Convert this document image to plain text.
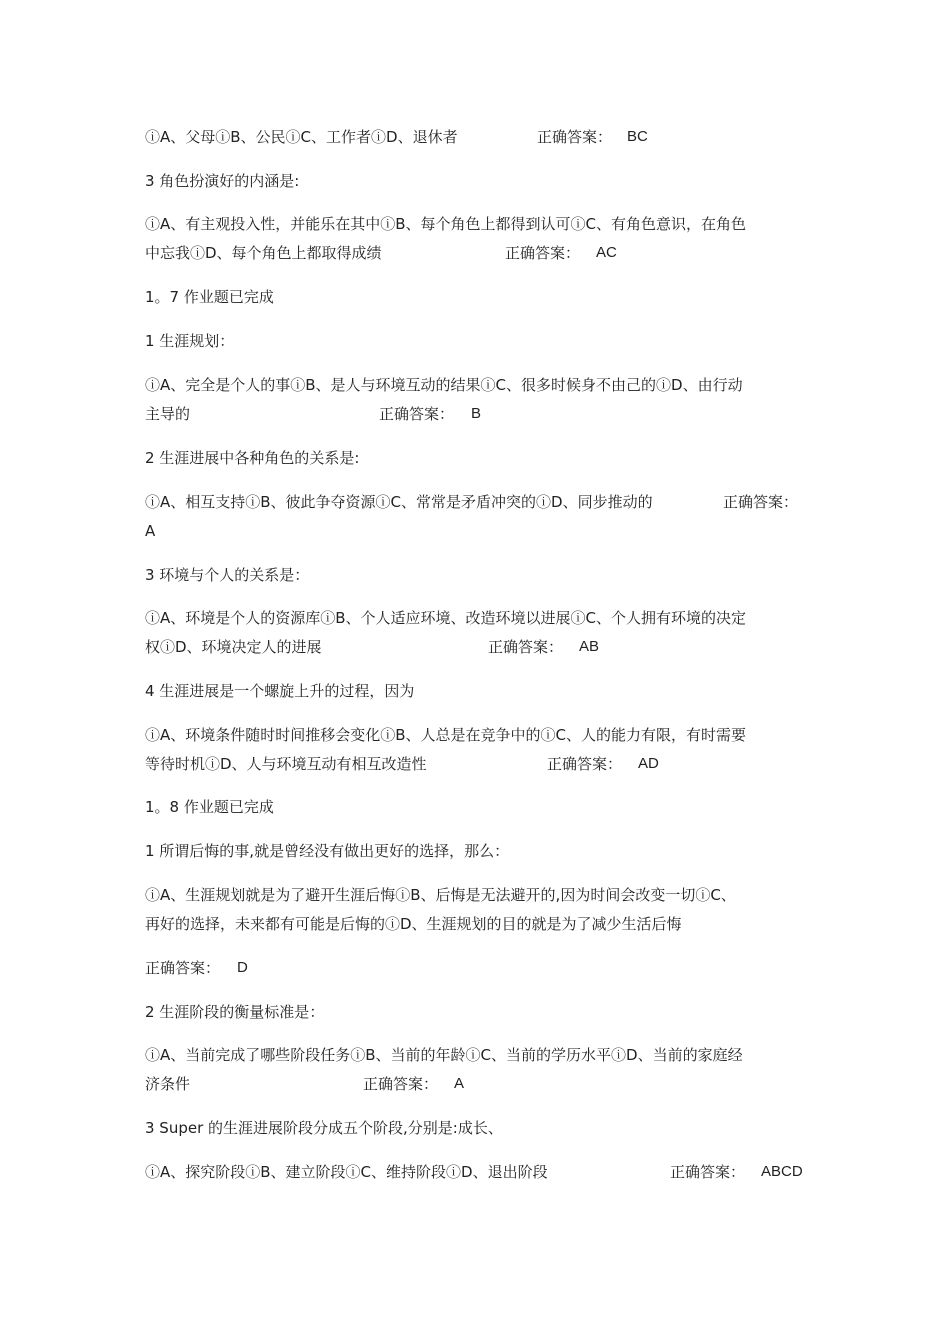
ⓘA、父母ⓘB、公民ⓘC、工作者ⓘD、退休者	正确答案： BC
3 角色扮演好的内涵是:
ⓘA、有主观投入性，并能乐在其中ⓘB、每个角色上都得到认可ⓘC、有角色意识，在角色
中忘我ⓘD、每个角色上都取得成绩	正确答案： AC
1。7 作业题已完成
1 生涯规划：
ⓘA、完全是个人的事ⓘB、是人与环境互动的结果ⓘC、很多时候身不由己的ⓘD、由行动
主导的	正确答案： B
2 生涯进展中各种角色的关系是:
ⓘA、相互支持ⓘB、彼此争夺资源ⓘC、常常是矛盾冲突的ⓘD、同步推动的	正确答案：
A
3 环境与个人的关系是：
ⓘA、环境是个人的资源库ⓘB、个人适应环境、改造环境以进展ⓘC、个人拥有环境的决定
权ⓘD、环境决定人的进展	正确答案： AB
4 生涯进展是一个螺旋上升的过程，因为
ⓘA、环境条件随时时间推移会变化ⓘB、人总是在竞争中的ⓘC、人的能力有限，有时需要
等待时机ⓘD、人与环境互动有相互改造性	正确答案： AD
1。8 作业题已完成
1 所谓后悔的事,就是曾经没有做出更好的选择，那么：
ⓘA、生涯规划就是为了避开生涯后悔ⓘB、后悔是无法避开的,因为时间会改变一切ⓘC、
再好的选择，未来都有可能是后悔的ⓘD、生涯规划的目的就是为了减少生活后悔
正确答案： D
2 生涯阶段的衡量标准是：
ⓘA、当前完成了哪些阶段任务ⓘB、当前的年龄ⓘC、当前的学历水平ⓘD、当前的家庭经
济条件	正确答案： A
3 Super 的生涯进展阶段分成五个阶段,分别是:成长、
ⓘA、探究阶段ⓘB、建立阶段ⓘC、维持阶段ⓘD、退出阶段	正确答案： ABCD
